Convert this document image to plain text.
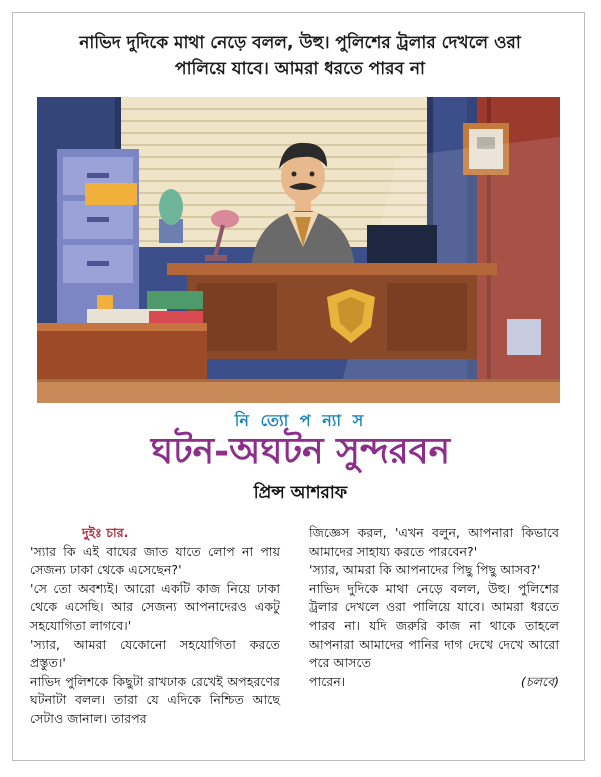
নাভিদ দুদিকে মাথা নেড়ে বলল, উহু। পুলিশের ট্রলার দেখলে ওরা

পালিয়ে যাবে। আমরা ধরতে পারব না

নি ত্যো প ন্যা স
ঘটন-অঘটন সুন্দরবন
প্রিন্স আশরাফ

দুইঃ চার.

'স্যার কি এই বাঘের জাত যাতে লোপ না পায় সেজন্য ঢাকা থেকে এসেছেন?'

'সে তো অবশ্যই। আরো একটি কাজ নিয়ে ঢাকা থেকে এসেছি। আর সেজন্য আপনাদেরও একটু সহযোগিতা লাগবে।'

'স্যার, আমরা যেকোনো সহযোগিতা করতে প্রস্তুত।'

নাভিদ পুলিশকে কিছুটা রাখঢাক রেখেই অপহরণের ঘটনাটা বলল। তারা যে এদিকে নিশ্চিত আছে সেটাও জানাল। তারপর

জিজ্ঞেস করল, 'এখন বলুন, আপনারা কিভাবে আমাদের সাহায্য করতে পারবেন?'

'স্যার, আমরা কি আপনাদের পিছু পিছু আসব?'

নাভিদ দুদিকে মাথা নেড়ে বলল, উহু। পুলিশের ট্রলার দেখলে ওরা পালিয়ে যাবে। আমরা ধরতে পারব না। যদি জরুরি কাজ না থাকে তাহলে আপনারা আমাদের পানির দাগ দেখে দেখে আরো পরে আসতে

পারেন।	(চলবে)
